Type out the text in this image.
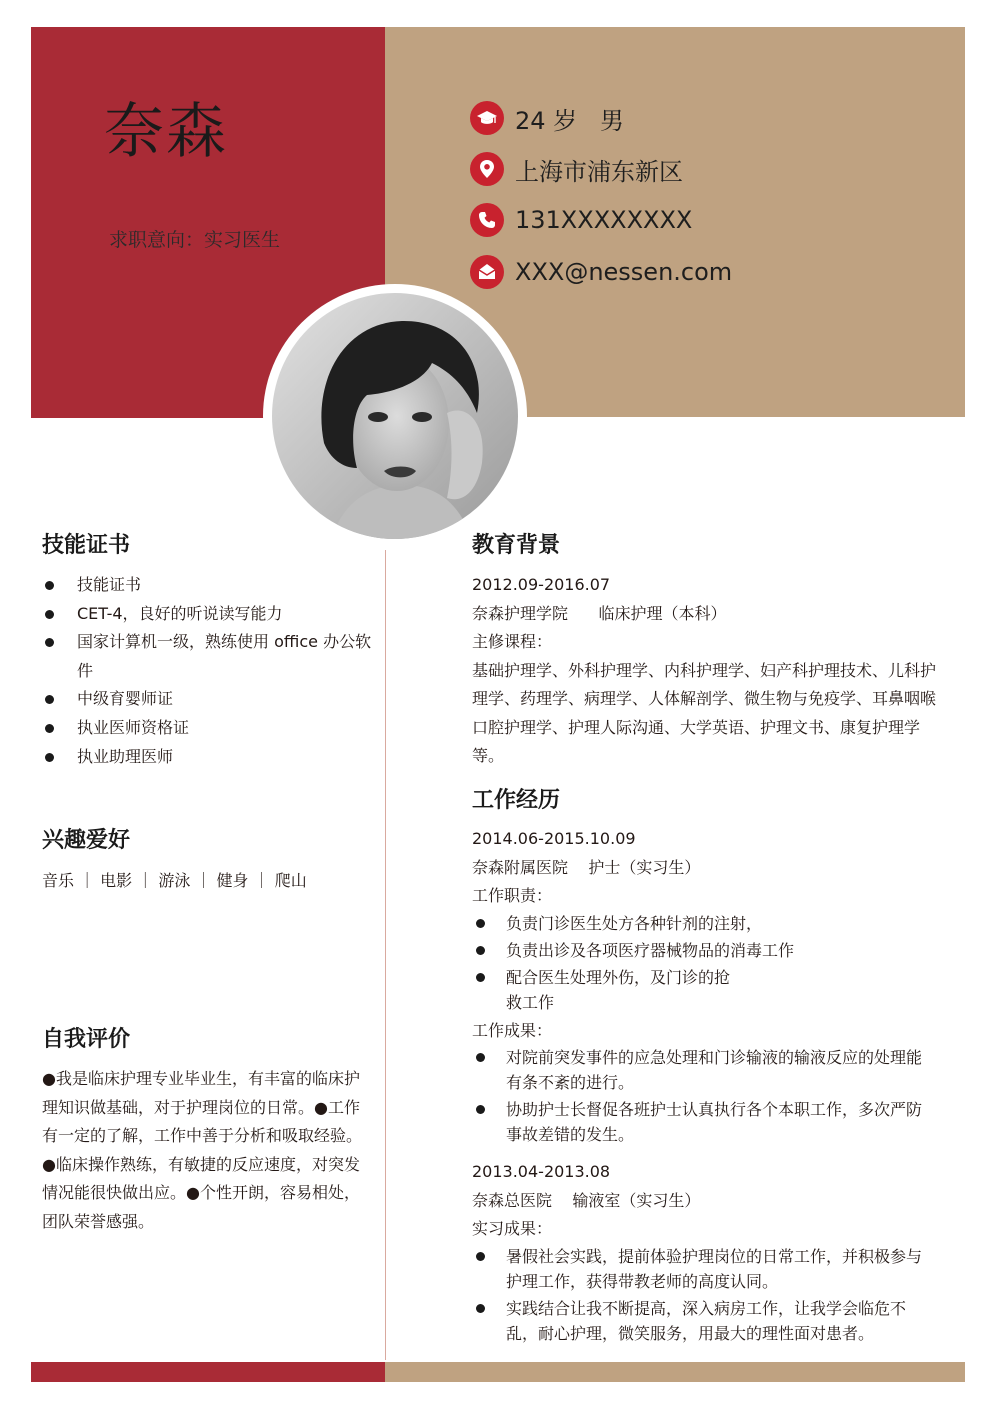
奈森
求职意向：实习医生
24 岁   男
上海市浦东新区
131XXXXXXXX
XXX@nessen.com
技能证书
技能证书
CET-4，良好的听说读写能力
国家计算机一级，熟练使用 office 办公软件
中级育婴师证
执业医师资格证
执业助理医师
兴趣爱好
音乐 ｜ 电影 ｜ 游泳 ｜ 健身 ｜ 爬山
自我评价
●我是临床护理专业毕业生，有丰富的临床护理知识做基础，对于护理岗位的日常。●工作有一定的了解，工作中善于分析和吸取经验。●临床操作熟练，有敏捷的反应速度，对突发情况能很快做出应。●个性开朗，容易相处，团队荣誉感强。
教育背景
2012.09-2016.07
奈森护理学院      临床护理（本科）
主修课程：
基础护理学、外科护理学、内科护理学、妇产科护理技术、儿科护理学、药理学、病理学、人体解剖学、微生物与免疫学、耳鼻咽喉口腔护理学、护理人际沟通、大学英语、护理文书、康复护理学等。
工作经历
2014.06-2015.10.09
奈森附属医院    护士（实习生）
工作职责：
负责门诊医生处方各种针剂的注射，
负责出诊及各项医疗器械物品的消毒工作
配合医生处理外伤，及门诊的抢救工作
工作成果：
对院前突发事件的应急处理和门诊输液的输液反应的处理能有条不紊的进行。
协助护士长督促各班护士认真执行各个本职工作，多次严防事故差错的发生。
2013.04-2013.08
奈森总医院    输液室（实习生）
实习成果：
暑假社会实践，提前体验护理岗位的日常工作，并积极参与护理工作，获得带教老师的高度认同。
实践结合让我不断提高，深入病房工作，让我学会临危不乱，耐心护理，微笑服务，用最大的理性面对患者。
